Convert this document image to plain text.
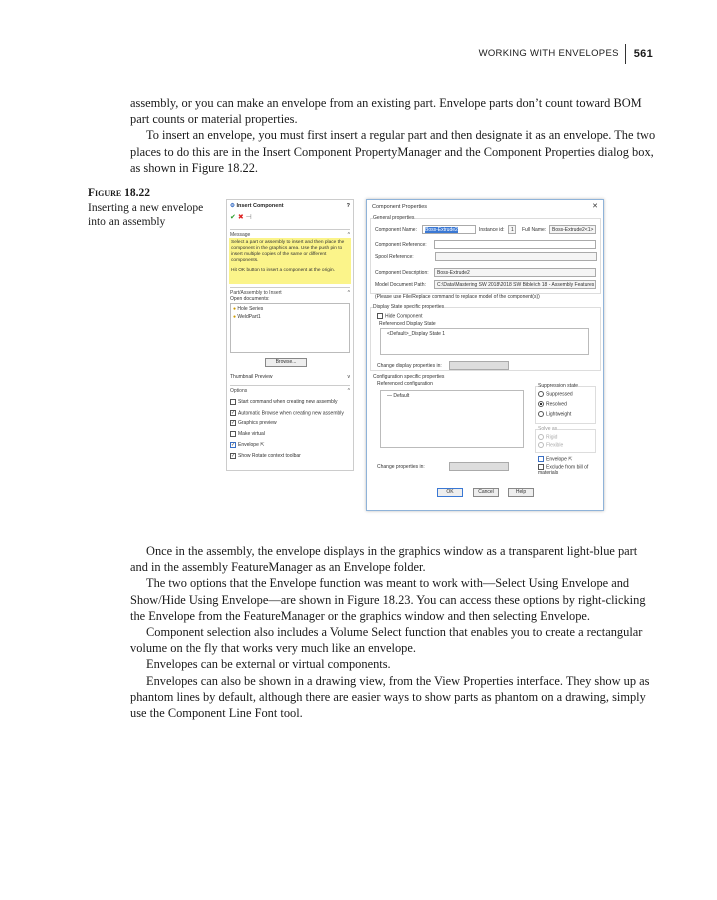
WORKING WITH ENVELOPES	561

assembly, or you can make an envelope from an existing part. Envelope parts don’t count toward BOM part counts or material properties.

To insert an envelope, you must first insert a regular part and then designate it as an envelope. The two places to do this are in the Insert Component PropertyManager and the Component Properties dialog box, as shown in Figure 18.22.

Figure 18.22
Inserting a new envelope into an assembly
⚙ Insert Component	?
✔ ✖ ⊣
Message	^
Select a part or assembly to insert and then place the component in the graphics area. Use the push pin to insert multiple copies of the same or different components.
Hit OK button to insert a component at the origin.
Part/Assembly to Insert	^
Open documents:
● Hole Series
● WeldPart1
Browse...
Thumbnail Preview	v
Options	^
Start command when creating new assembly
✓ Automatic Browse when creating new assembly
✓ Graphics preview
Make virtual
✓ Envelope ⇱
✓ Show Rotate context toolbar
Component Properties	✕
General properties
Component Name:	Boss-Extrude2	Instance id:	1	Full Name:	Boss-Extrude2<1>
Component Reference:
Spool Reference:
Component Description:	Boss-Extrude2
Model Document Path:	C:\Data\Mastering SW 2018\2018 SW Bible\ch 18 - Assembly Features
(Please use File/Replace command to replace model of the component(s))
Display State specific properties
Hide Component
Referenced Display State
<Default>_Display State 1
Change display properties in:
Configuration specific properties
Referenced configuration
— Default
Suppression state
Suppressed
Resolved
Lightweight
Solve as
Rigid
Flexible
Envelope ⇱
Exclude from bill of materials
Change properties in:
OK	Cancel	Help

Once in the assembly, the envelope displays in the graphics window as a transparent light-blue part and in the assembly FeatureManager as an Envelope folder.

The two options that the Envelope function was meant to work with—Select Using Envelope and Show/Hide Using Envelope—are shown in Figure 18.23. You can access these options by right-clicking the Envelope from the FeatureManager or the graphics window and then selecting Envelope.

Component selection also includes a Volume Select function that enables you to create a rectangular volume on the fly that works very much like an envelope.

Envelopes can be external or virtual components.

Envelopes can also be shown in a drawing view, from the View Properties interface. They show up as phantom lines by default, although there are easier ways to show parts as phantom on a drawing, simply use the Component Line Font tool.
